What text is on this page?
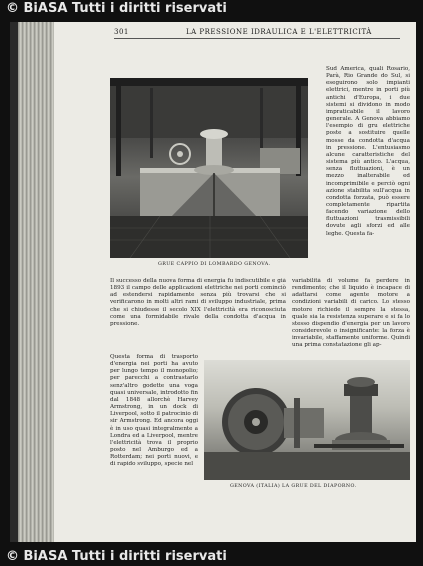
© BiASA Tutti i diritti riservati
301	LA PRESSIONE IDRAULICA E L'ELETTRICITÀ
GRUE CAPPIO DI LOMBARDO GENOVA.

Sud America, quali Rosario, Parà, Rio Grande do Sul, si eseguirono solo impianti elettrici, mentre in porti più antichi d'Europa, i due sistemi si dividono in modo impraticabile il lavoro generale. A Genova abbiamo l'esempio di gru elettriche poste a sostituire quelle mosse da condotta d'acqua in pressione. L'entusiasmo alcune caratteristiche del sistema più antico. L'acqua, senza fluttuazioni, è un mezzo inalterabile ed incomprimibile e perciò ogni azione stabilita sull'acqua in condotta forzata, può essere completamente ripartita facendo variazione dello fluttuazioni trasmissibili dovute agli sforzi ed alle leghe. Questa fa-

Il successo della nuova forma di energia fu indiscutibile e già 1893 il campo delle applicazioni elettriche nei porti cominciò ad estendersi rapidamente senza più trovarsi che si verificarono in molti altri rami di sviluppo industriale, prima che si chiudesse il secolo XIX l'elettricità era riconosciuta come una formidabile rivale della condotta d'acqua in pressione.

variabilità di volume fa perdere in rendimento; che il liquido è incapace di adattarsi come agente motore a condizioni variabili di carico. Lo stesso motore richiede il sempre la stessa, quale sia la resistenza superare e si fa lo stesso dispendio d'energia per un lavoro considerevole o insignificante: la forza è invariabile, staffamente uniforme. Quindi una prima constatazione gli ap-

Questa forma di trasporto d'energia nei porti ha avuto per lungo tempo il monopolio; per parecchi a contrastarlo senz'altro godette una voga quasi universale, introdotto fin dal 1848 allorchè Harvey Armstrong, in un dock di Liverpool, sotto il patrocinio di sir Armstrong. Ed ancora oggi è in uso quasi integralmente a Londra ed a Liverpool, mentre l'elettricità trova il proprio posto nel Amburgo ed a Rotterdam; nei porti nuovi, e di rapido sviluppo, specie nel

GENOVA (ITALIA) LA GRUE DEL DIAPORNO.
© BiASA Tutti i diritti riservati
